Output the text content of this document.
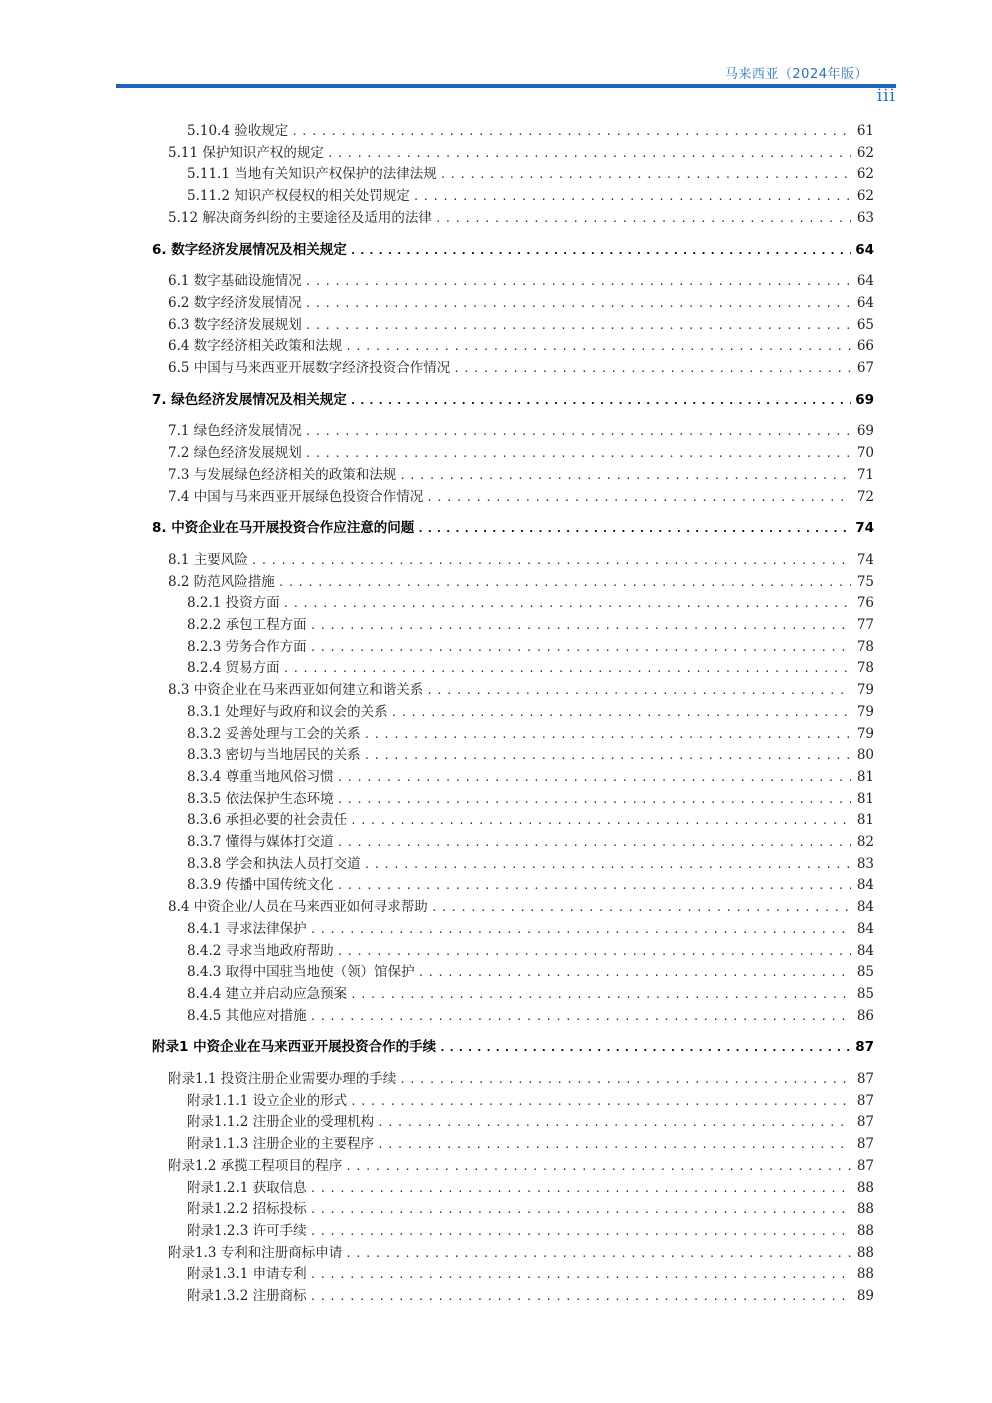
马来西亚（2024年版）
iii
5.10.4 验收规定 .....	61
5.11 保护知识产权的规定 .....	62
5.11.1 当地有关知识产权保护的法律法规 .....	62
5.11.2 知识产权侵权的相关处罚规定 .....	62
5.12 解决商务纠纷的主要途径及适用的法律 .....	63
6. 数字经济发展情况及相关规定 .....	64
6.1 数字基础设施情况 .....	64
6.2 数字经济发展情况 .....	64
6.3 数字经济发展规划 .....	65
6.4 数字经济相关政策和法规 .....	66
6.5 中国与马来西亚开展数字经济投资合作情况 .....	67
7. 绿色经济发展情况及相关规定 .....	69
7.1 绿色经济发展情况 .....	69
7.2 绿色经济发展规划 .....	70
7.3 与发展绿色经济相关的政策和法规 .....	71
7.4 中国与马来西亚开展绿色投资合作情况 .....	72
8. 中资企业在马开展投资合作应注意的问题 .....	74
8.1 主要风险 .....	74
8.2 防范风险措施 .....	75
8.2.1 投资方面 .....	76
8.2.2 承包工程方面 .....	77
8.2.3 劳务合作方面 .....	78
8.2.4 贸易方面 .....	78
8.3 中资企业在马来西亚如何建立和谐关系 .....	79
8.3.1 处理好与政府和议会的关系 .....	79
8.3.2 妥善处理与工会的关系 .....	79
8.3.3 密切与当地居民的关系 .....	80
8.3.4 尊重当地风俗习惯 .....	81
8.3.5 依法保护生态环境 .....	81
8.3.6 承担必要的社会责任 .....	81
8.3.7 懂得与媒体打交道 .....	82
8.3.8 学会和执法人员打交道 .....	83
8.3.9 传播中国传统文化 .....	84
8.4 中资企业/人员在马来西亚如何寻求帮助 .....	84
8.4.1 寻求法律保护 .....	84
8.4.2 寻求当地政府帮助 .....	84
8.4.3 取得中国驻当地使（领）馆保护 .....	85
8.4.4 建立并启动应急预案 .....	85
8.4.5 其他应对措施 .....	86
附录1 中资企业在马来西亚开展投资合作的手续 .....	87
附录1.1 投资注册企业需要办理的手续 .....	87
附录1.1.1 设立企业的形式 .....	87
附录1.1.2 注册企业的受理机构 .....	87
附录1.1.3 注册企业的主要程序 .....	87
附录1.2 承揽工程项目的程序 .....	87
附录1.2.1 获取信息 .....	88
附录1.2.2 招标投标 .....	88
附录1.2.3 许可手续 .....	88
附录1.3 专利和注册商标申请 .....	88
附录1.3.1 申请专利 .....	88
附录1.3.2 注册商标 .....	89
